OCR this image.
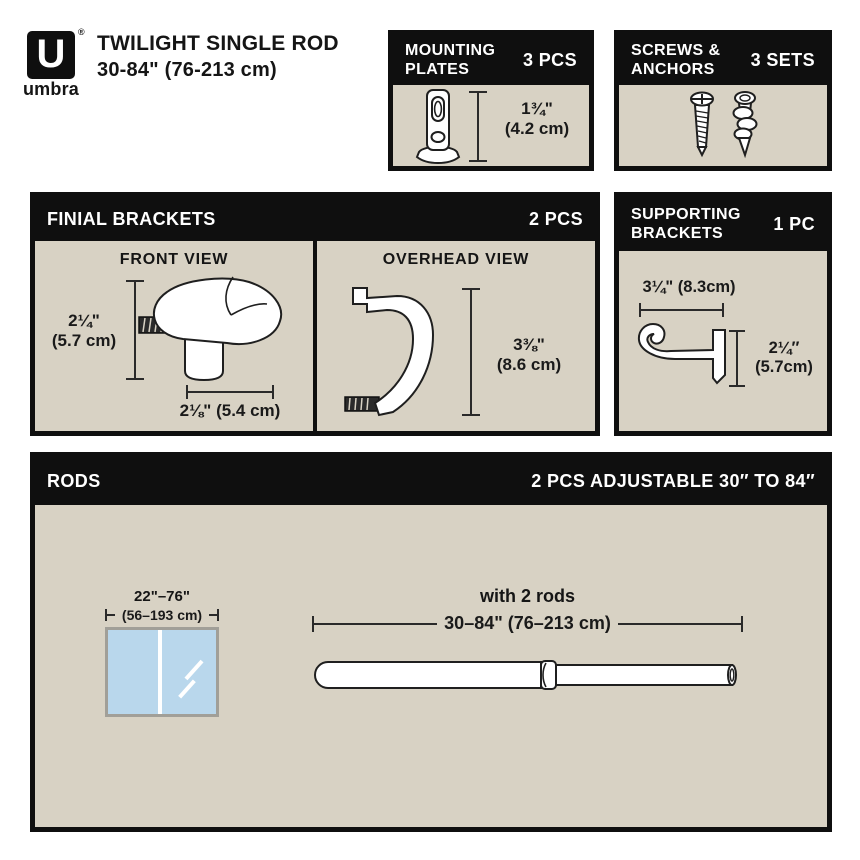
U ®
umbra
TWILIGHT SINGLE ROD
30-84" (76-213 cm)
MOUNTING
PLATES	3 PCS
1¾"
(4.2 cm)
SCREWS &
ANCHORS	3 SETS
FINIAL BRACKETS	2 PCS
FRONT VIEW
2¼"
(5.7 cm)
2⅛" (5.4 cm)
OVERHEAD VIEW
3⅜"
(8.6 cm)
SUPPORTING
BRACKETS	1 PC
3¼" (8.3cm)
2¼″
(5.7cm)
RODS	2 PCS ADJUSTABLE 30″ TO 84″
22"–76"
(56–193 cm)
with 2 rods
30–84" (76–213 cm)
